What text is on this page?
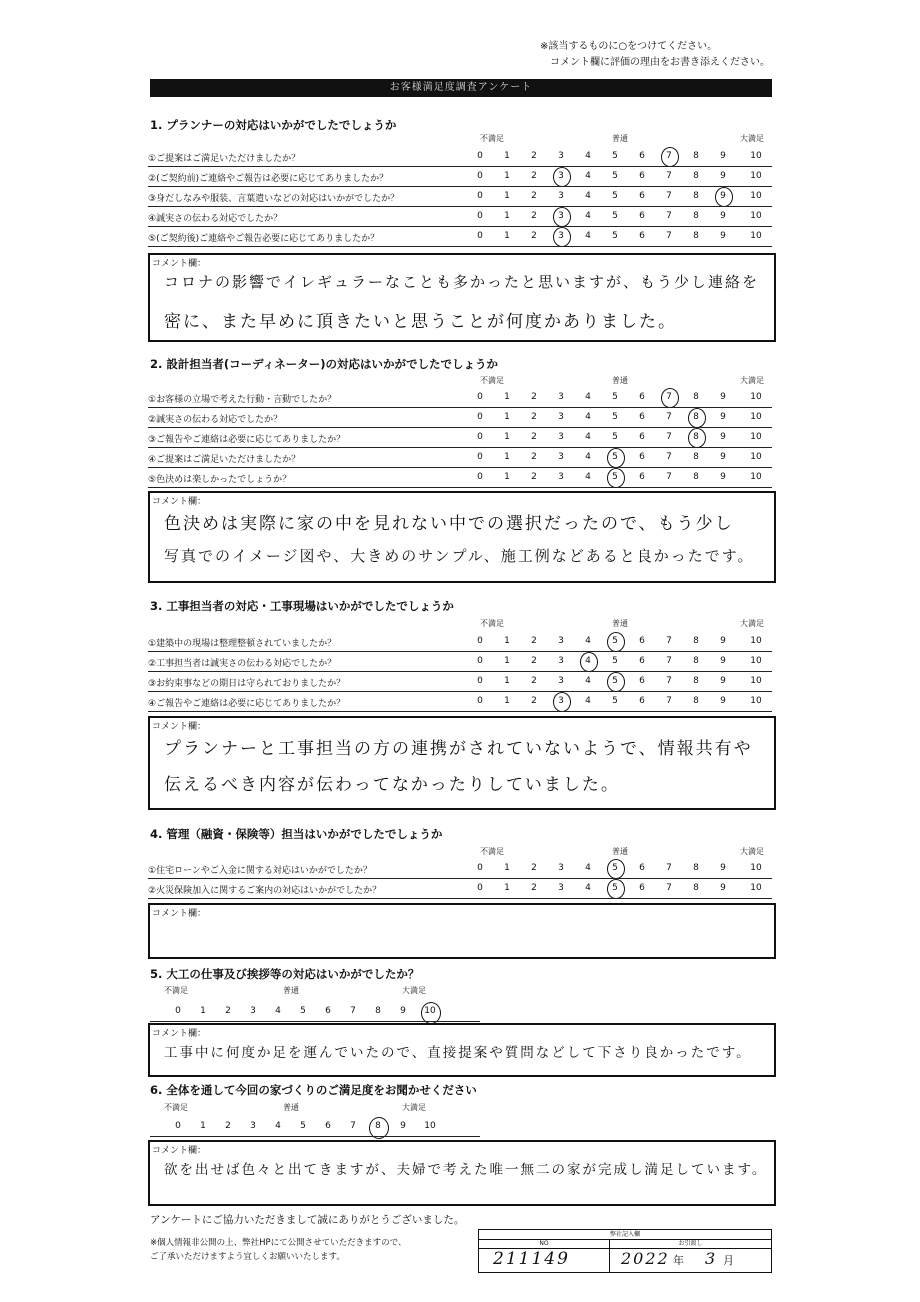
※該当するものに○をつけてください。
コメント欄に評価の理由をお書き添えください。
お客様満足度調査アンケート
1. プランナーの対応はいかがでしたでしょうか
不満足	普通	大満足
①ご提案はご満足いただけましたか？	0	1	2	3	4	5	6	7	8	9	10
②(ご契約前)ご連絡やご報告は必要に応じてありましたか？	0	1	2	3	4	5	6	7	8	9	10
③身だしなみや服装、言葉遣いなどの対応はいかがでしたか？	0	1	2	3	4	5	6	7	8	9	10
④誠実さの伝わる対応でしたか？	0	1	2	3	4	5	6	7	8	9	10
⑤(ご契約後)ご連絡やご報告必要に応じてありましたか？	0	1	2	3	4	5	6	7	8	9	10
コメント欄：
コロナの影響でイレギュラーなことも多かったと思いますが、もう少し連絡を
密に、また早めに頂きたいと思うことが何度かありました。
2. 設計担当者(コーディネーター)の対応はいかがでしたでしょうか
不満足	普通	大満足
①お客様の立場で考えた行動・言動でしたか？	0	1	2	3	4	5	6	7	8	9	10
②誠実さの伝わる対応でしたか？	0	1	2	3	4	5	6	7	8	9	10
③ご報告やご連絡は必要に応じてありましたか？	0	1	2	3	4	5	6	7	8	9	10
④ご提案はご満足いただけましたか？	0	1	2	3	4	5	6	7	8	9	10
⑤色決めは楽しかったでしょうか？	0	1	2	3	4	5	6	7	8	9	10
コメント欄：
色決めは実際に家の中を見れない中での選択だったので、もう少し
写真でのイメージ図や、大きめのサンプル、施工例などあると良かったです。
3. 工事担当者の対応・工事現場はいかがでしたでしょうか
不満足	普通	大満足
①建築中の現場は整理整頓されていましたか？	0	1	2	3	4	5	6	7	8	9	10
②工事担当者は誠実さの伝わる対応でしたか？	0	1	2	3	4	5	6	7	8	9	10
③お約束事などの期日は守られておりましたか？	0	1	2	3	4	5	6	7	8	9	10
④ご報告やご連絡は必要に応じてありましたか？	0	1	2	3	4	5	6	7	8	9	10
コメント欄：
プランナーと工事担当の方の連携がされていないようで、情報共有や
伝えるべき内容が伝わってなかったりしていました。
4. 管理（融資・保険等）担当はいかがでしたでしょうか
不満足	普通	大満足
①住宅ローンやご入金に関する対応はいかがでしたか？	0	1	2	3	4	5	6	7	8	9	10
②火災保険加入に関するご案内の対応はいかがでしたか？	0	1	2	3	4	5	6	7	8	9	10
コメント欄：
5. 大工の仕事及び挨拶等の対応はいかがでしたか？
不満足	普通	大満足
0	1	2	3	4	5	6	7	8	9	10
コメント欄：
工事中に何度か足を運んでいたので、直接提案や質問などして下さり良かったです。
6. 全体を通して今回の家づくりのご満足度をお聞かせください
不満足	普通	大満足
0	1	2	3	4	5	6	7	8	9	10
コメント欄：
欲を出せば色々と出てきますが、夫婦で考えた唯一無二の家が完成し満足しています。
アンケートにご協力いただきまして誠にありがとうございました。
※個人情報非公開の上、弊社HPにて公開させていただきますので、
ご了承いただけますよう宜しくお願いいたします。
弊社記入欄
NO	お引渡し
211149	2022 年 3 月
